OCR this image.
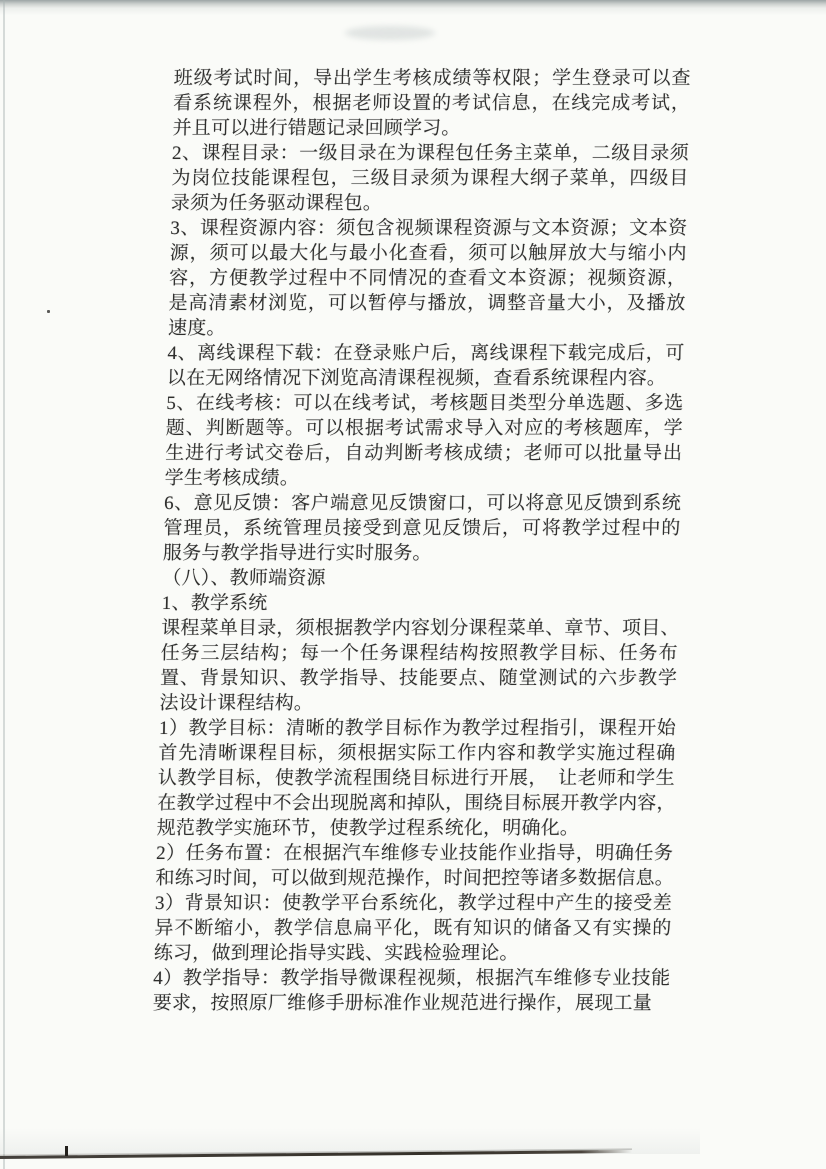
班级考试时间，导出学生考核成绩等权限；学生登录可以查
看系统课程外，根据老师设置的考试信息，在线完成考试，
并且可以进行错题记录回顾学习。
2、课程目录：一级目录在为课程包任务主菜单，二级目录须
为岗位技能课程包，三级目录须为课程大纲子菜单，四级目
录须为任务驱动课程包。
3、课程资源内容：须包含视频课程资源与文本资源；文本资
源，须可以最大化与最小化查看，须可以触屏放大与缩小内
容，方便教学过程中不同情况的查看文本资源；视频资源，
是高清素材浏览，可以暂停与播放，调整音量大小，及播放
速度。
4、离线课程下载：在登录账户后，离线课程下载完成后，可
以在无网络情况下浏览高清课程视频，查看系统课程内容。
5、在线考核：可以在线考试，考核题目类型分单选题、多选
题、判断题等。可以根据考试需求导入对应的考核题库，学
生进行考试交卷后，自动判断考核成绩；老师可以批量导出
学生考核成绩。
6、意见反馈：客户端意见反馈窗口，可以将意见反馈到系统
管理员，系统管理员接受到意见反馈后，可将教学过程中的
服务与教学指导进行实时服务。
（八）、教师端资源
1、教学系统
课程菜单目录，须根据教学内容划分课程菜单、章节、项目、
任务三层结构；每一个任务课程结构按照教学目标、任务布
置、背景知识、教学指导、技能要点、随堂测试的六步教学
法设计课程结构。
1）教学目标：清晰的教学目标作为教学过程指引，课程开始
首先清晰课程目标，须根据实际工作内容和教学实施过程确
认教学目标，使教学流程围绕目标进行开展，　让老师和学生
在教学过程中不会出现脱离和掉队，围绕目标展开教学内容，
规范教学实施环节，使教学过程系统化，明确化。
2）任务布置：在根据汽车维修专业技能作业指导，明确任务
和练习时间，可以做到规范操作，时间把控等诸多数据信息。
3）背景知识：使教学平台系统化，教学过程中产生的接受差
异不断缩小，教学信息扁平化，既有知识的储备又有实操的
练习，做到理论指导实践、实践检验理论。
4）教学指导：教学指导微课程视频，根据汽车维修专业技能
要求，按照原厂维修手册标准作业规范进行操作，展现工量
